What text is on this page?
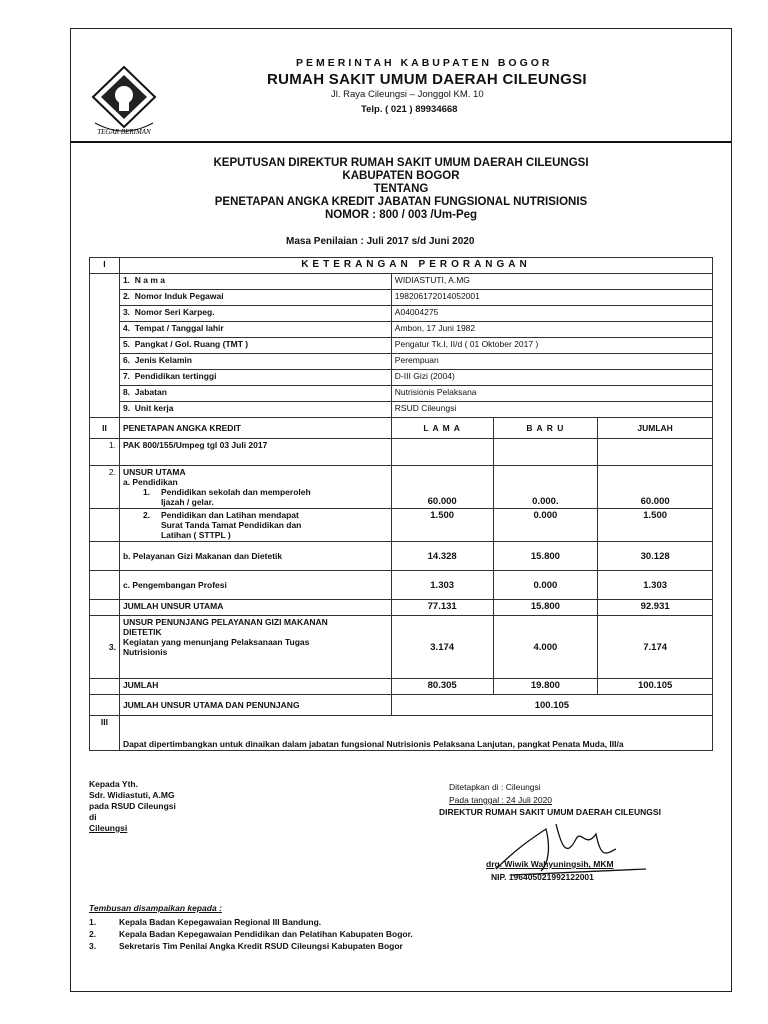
TEGAR BERIMAN
PEMERINTAH KABUPATEN BOGOR
RUMAH SAKIT UMUM DAERAH CILEUNGSI
Jl. Raya Cileungsi – Jonggol KM. 10
Telp. ( 021 ) 89934668
KEPUTUSAN DIREKTUR RUMAH SAKIT UMUM DAERAH CILEUNGSI
KABUPATEN BOGOR
TENTANG
PENETAPAN ANGKA KREDIT JABATAN FUNGSIONAL NUTRISIONIS
NOMOR : 800 / 003 /Um-Peg
Masa Penilaian : Juli 2017 s/d Juni 2020
I	KETERANGAN PERORANGAN			
	1. N a m a	WIDIASTUTI, A.MG		
	2. Nomor Induk Pegawai	198206172014052001		
	3. Nomor Seri Karpeg.	A04004275		
	4. Tempat / Tanggal lahir	Ambon, 17 Juni 1982		
	5. Pangkat / Gol. Ruang (TMT )	Pengatur Tk.I, II/d ( 01 Oktober 2017 )		
	6. Jenis Kelamin	Perempuan		
	7. Pendidikan tertinggi	D-III Gizi (2004)		
	8. Jabatan	Nutrisionis Pelaksana		
	9. Unit kerja	RSUD Cileungsi		
II	PENETAPAN ANGKA KREDIT	L A M A	B A R U	JUMLAH
1.	PAK 800/155/Umpeg tgl 03 Juli 2017			
2.	UNSUR UTAMA
a. Pendidikan
1. Pendidikan sekolah dan memperoleh Ijazah / gelar.	60.000	0.000.	60.000

	2. Pendidikan dan Latihan mendapat Surat Tanda Tamat Pendidikan dan Latihan ( STTPL )	1.500	0.000	1.500
	b. Pelayanan Gizi Makanan dan Dietetik	14.328	15.800	30.128
	c. Pengembangan Profesi	1.303	0.000	1.303
	JUMLAH UNSUR UTAMA	77.131	15.800	92.931
3.	UNSUR PENUNJANG PELAYANAN GIZI MAKANAN
DIETETIK
Kegiatan yang menunjang Pelaksanaan Tugas Nutrisionis	3.174	4.000	7.174
	JUMLAH	80.305	19.800	100.105
	JUMLAH UNSUR UTAMA DAN PENUNJANG	100.105		
III	Dapat dipertimbangkan untuk dinaikan dalam jabatan fungsional Nutrisionis Pelaksana Lanjutan, pangkat Penata Muda, III/a			
Kepada Yth.
Sdr. Widiastuti, A.MG
pada RSUD Cileungsi
di
Cileungsi
Ditetapkan di : Cileungsi
Pada tanggal : 24 Juli 2020
DIREKTUR RUMAH SAKIT UMUM DAERAH CILEUNGSI
drg. Wiwik Wahyuningsih, MKM
NIP. 196405021992122001
Tembusan disampaikan kepada :
1.	Kepala Badan Kepegawaian Regional III Bandung.
2.	Kepala Badan Kepegawaian Pendidikan dan Pelatihan Kabupaten Bogor.
3.	Sekretaris Tim Penilai Angka Kredit RSUD Cileungsi Kabupaten Bogor
